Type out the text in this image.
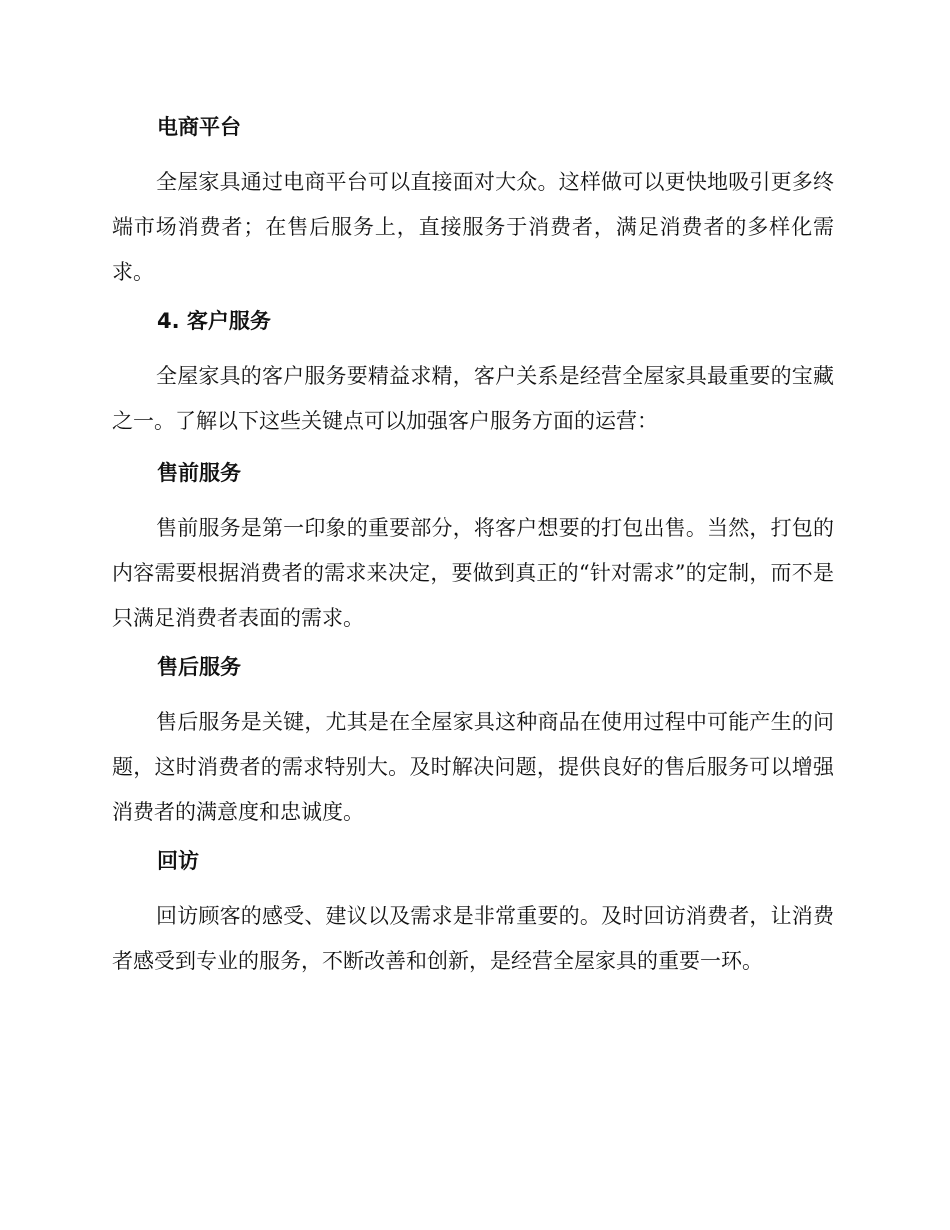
电商平台

全屋家具通过电商平台可以直接面对大众。这样做可以更快地吸引更多终端市场消费者；在售后服务上，直接服务于消费者，满足消费者的多样化需求。

4. 客户服务

全屋家具的客户服务要精益求精，客户关系是经营全屋家具最重要的宝藏之一。了解以下这些关键点可以加强客户服务方面的运营：

售前服务

售前服务是第一印象的重要部分，将客户想要的打包出售。当然，打包的内容需要根据消费者的需求来决定，要做到真正的“针对需求”的定制，而不是只满足消费者表面的需求。

售后服务

售后服务是关键，尤其是在全屋家具这种商品在使用过程中可能产生的问题，这时消费者的需求特别大。及时解决问题，提供良好的售后服务可以增强消费者的满意度和忠诚度。

回访

回访顾客的感受、建议以及需求是非常重要的。及时回访消费者，让消费者感受到专业的服务，不断改善和创新，是经营全屋家具的重要一环。
